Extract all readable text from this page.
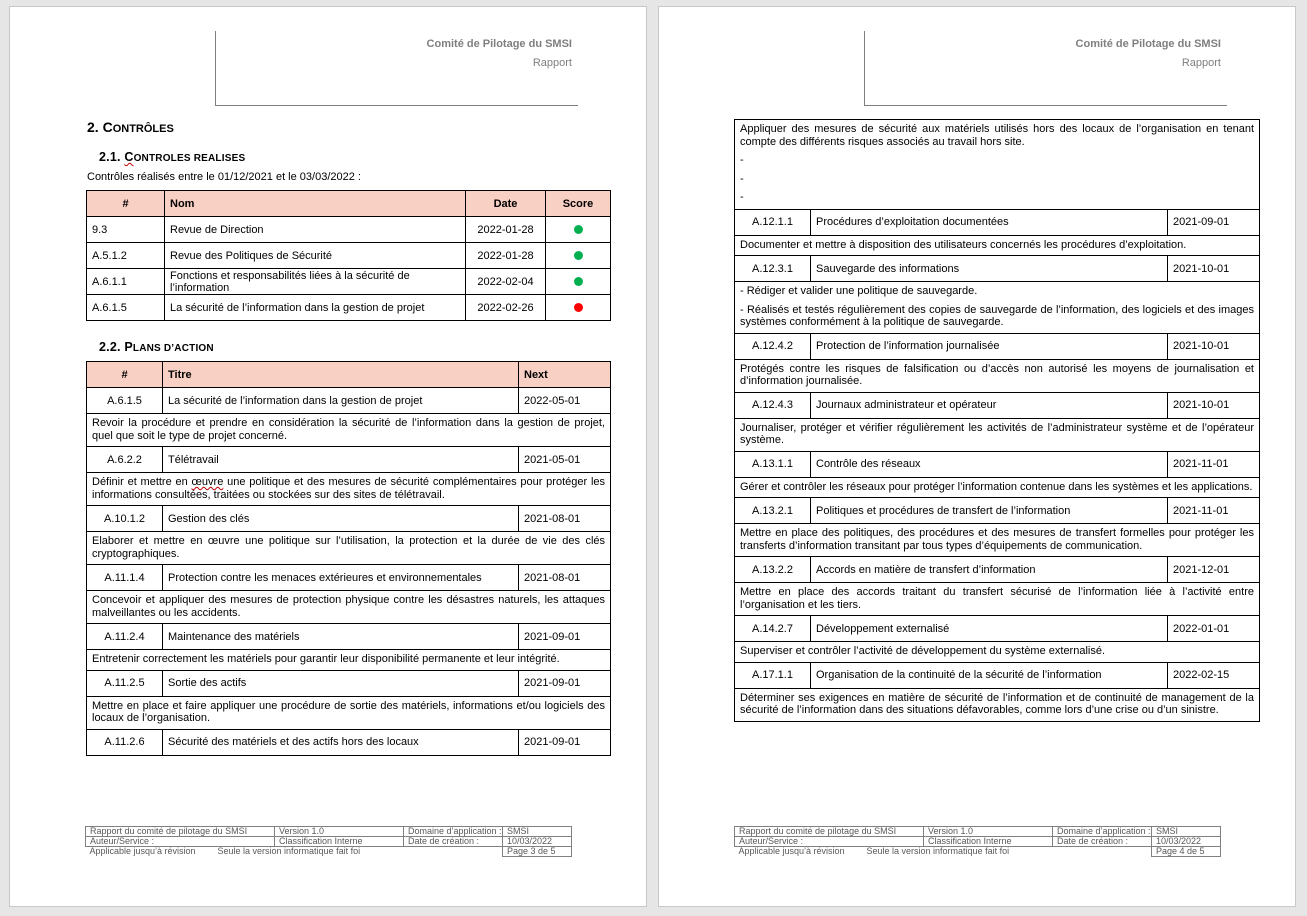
Comité de Pilotage du SMSI
Rapport
2. CONTRÔLES
2.1. CONTROLES REALISES
Contrôles réalisés entre le 01/12/2021 et le 03/03/2022 :
#	Nom	Date	Score
9.3	Revue de Direction	2022-01-28	
A.5.1.2	Revue des Politiques de Sécurité	2022-01-28	
A.6.1.1	Fonctions et responsabilités liées à la sécurité de l’information	2022-02-04	
A.6.1.5	La sécurité de l’information dans la gestion de projet	2022-02-26	
2.2. PLANS D’ACTION
#	Titre	Next
A.6.1.5	La sécurité de l’information dans la gestion de projet	2022-05-01

Revoir la procédure et prendre en considération la sécurité de l’information dans la gestion de projet, quel que soit le type de projet concerné.		

A.6.2.2	Télétravail	2021-05-01

Définir et mettre en œuvre une politique et des mesures de sécurité complémentaires pour protéger les informations consultées, traitées ou stockées sur des sites de télétravail.		

A.10.1.2	Gestion des clés	2021-08-01

Elaborer et mettre en œuvre une politique sur l’utilisation, la protection et la durée de vie des clés cryptographiques.		

A.11.1.4	Protection contre les menaces extérieures et environnementales	2021-08-01

Concevoir et appliquer des mesures de protection physique contre les désastres naturels, les attaques malveillantes ou les accidents.		

A.11.2.4	Maintenance des matériels	2021-09-01

Entretenir correctement les matériels pour garantir leur disponibilité permanente et leur intégrité.		

A.11.2.5	Sortie des actifs	2021-09-01

Mettre en place et faire appliquer une procédure de sortie des matériels, informations et/ou logiciels des locaux de l’organisation.		

A.11.2.6	Sécurité des matériels et des actifs hors des locaux	2021-09-01
Rapport du comité de pilotage du SMSI	Version 1.0	Domaine d’application :	SMSI
Auteur/Service :	Classification Interne	Date de création :	10/03/2022
Applicable jusqu’à révision Seule la version informatique fait foi			Page 3 de 5
Comité de Pilotage du SMSI
Rapport

Appliquer des mesures de sécurité aux matériels utilisés hors des locaux de l’organisation en tenant compte des différents risques associés au travail hors site.

-

-

-		

A.12.1.1	Procédures d’exploitation documentées	2021-09-01

Documenter et mettre à disposition des utilisateurs concernés les procédures d’exploitation.		

A.12.3.1	Sauvegarde des informations	2021-10-01

- Rédiger et valider une politique de sauvegarde.

- Réalisés et testés régulièrement des copies de sauvegarde de l’information, des logiciels et des images systèmes conformément à la politique de sauvegarde.		

A.12.4.2	Protection de l’information journalisée	2021-10-01

Protégés contre les risques de falsification ou d’accès non autorisé les moyens de journalisation et d’information journalisée.		

A.12.4.3	Journaux administrateur et opérateur	2021-10-01

Journaliser, protéger et vérifier régulièrement les activités de l’administrateur système et de l’opérateur système.		

A.13.1.1	Contrôle des réseaux	2021-11-01

Gérer et contrôler les réseaux pour protéger l’information contenue dans les systèmes et les applications.		

A.13.2.1	Politiques et procédures de transfert de l’information	2021-11-01

Mettre en place des politiques, des procédures et des mesures de transfert formelles pour protéger les transferts d’information transitant par tous types d’équipements de communication.		

A.13.2.2	Accords en matière de transfert d’information	2021-12-01

Mettre en place des accords traitant du transfert sécurisé de l’information liée à l’activité entre l’organisation et les tiers.		

A.14.2.7	Développement externalisé	2022-01-01

Superviser et contrôler l’activité de développement du système externalisé.		

A.17.1.1	Organisation de la continuité de la sécurité de l’information	2022-02-15

Déterminer ses exigences en matière de sécurité de l’information et de continuité de management de la sécurité de l’information dans des situations défavorables, comme lors d’une crise ou d’un sinistre.		

Rapport du comité de pilotage du SMSI	Version 1.0	Domaine d’application :	SMSI
Auteur/Service :	Classification Interne	Date de création :	10/03/2022
Applicable jusqu’à révision Seule la version informatique fait foi			Page 4 de 5
